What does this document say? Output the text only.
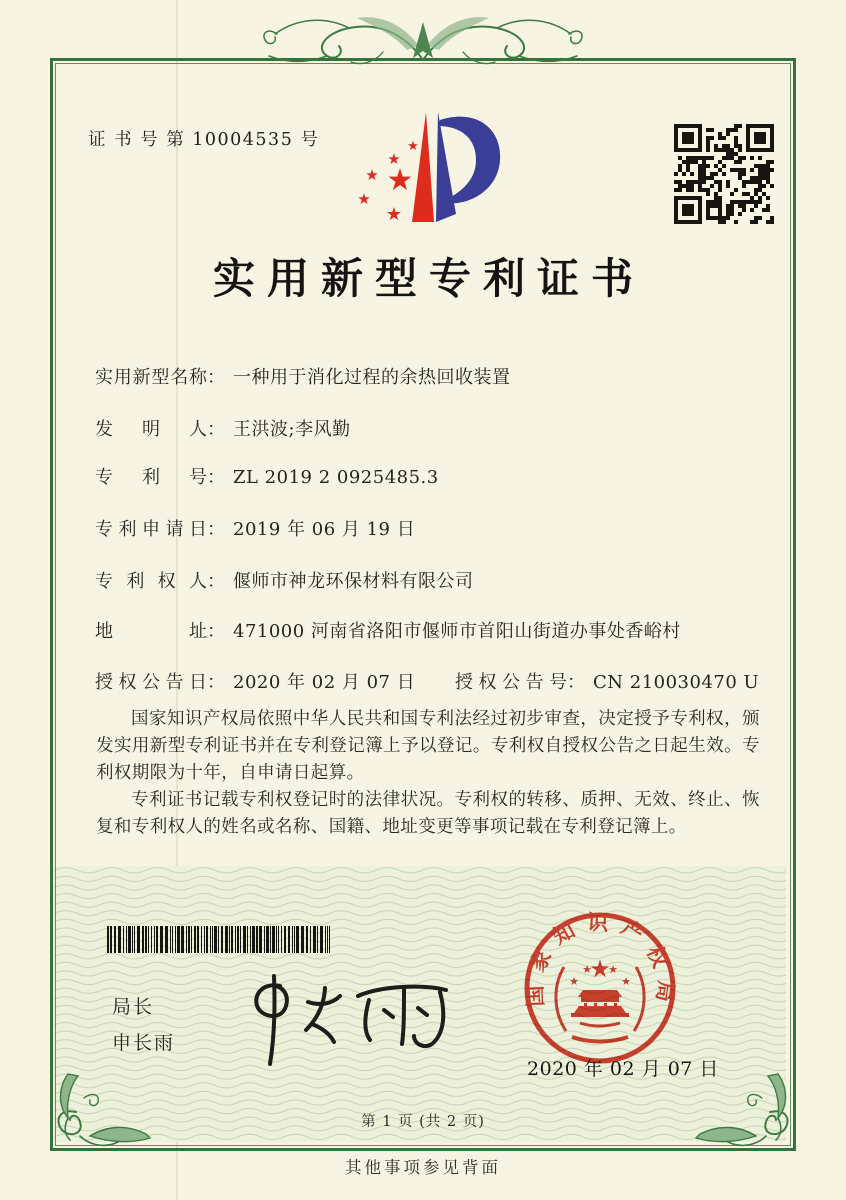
证 书 号 第 10004535 号
★
★
★
★
★
★
实用新型专利证书
实用新型名称： 一种用于消化过程的余热回收装置
发明人： 王洪波;李风勤
专利号： ZL 2019 2 0925485.3
专利申请日： 2019 年 06 月 19 日
专利权人： 偃师市神龙环保材料有限公司
地址： 471000 河南省洛阳市偃师市首阳山街道办事处香峪村
授权公告日： 2020 年 02 月 07 日 授权公告号： CN 210030470 U

国家知识产权局依照中华人民共和国专利法经过初步审查，决定授予专利权，颁发实用新型专利证书并在专利登记簿上予以登记。专利权自授权公告之日起生效。专利权期限为十年，自申请日起算。

专利证书记载专利权登记时的法律状况。专利权的转移、质押、无效、终止、恢复和专利权人的姓名或名称、国籍、地址变更等事项记载在专利登记簿上。

局长
申长雨
2020 年 02 月 07 日
国家知识产权局
★
★
★ ★
★
第 1 页 (共 2 页)
其他事项参见背面
